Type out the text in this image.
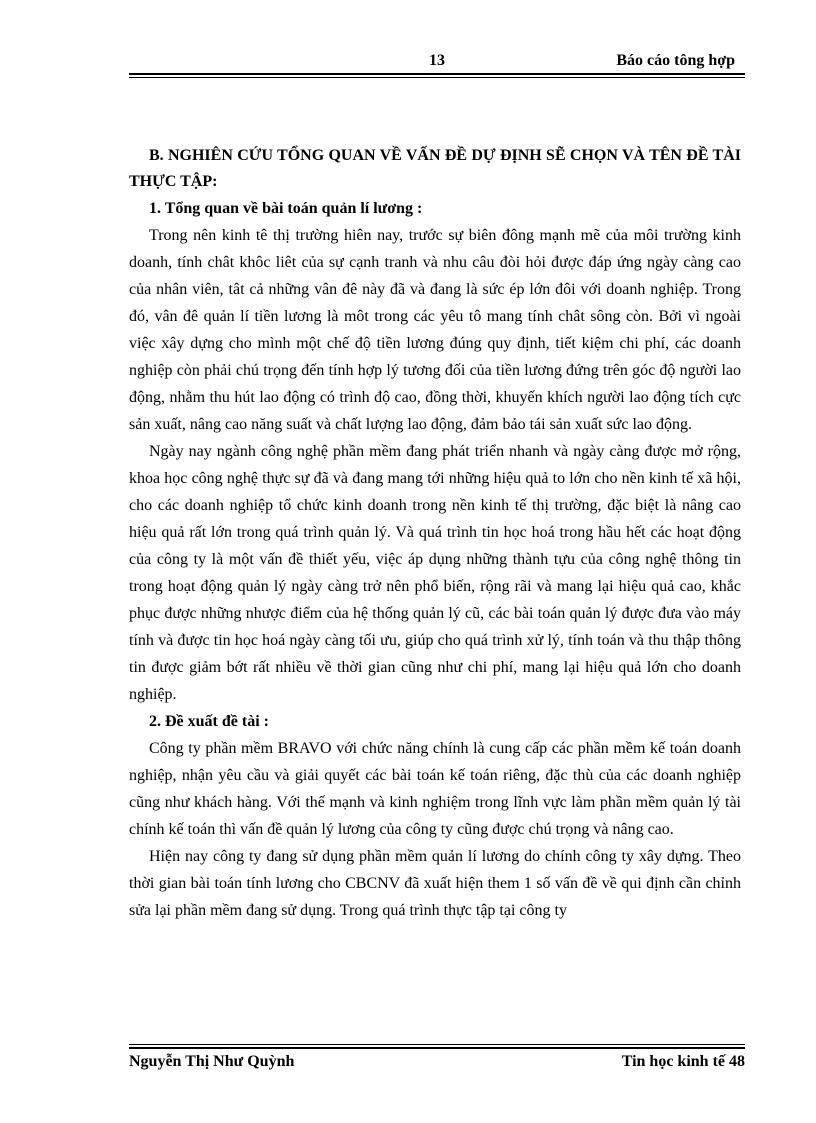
13	Báo cáo tông hợp

B. NGHIÊN CỨU TỔNG QUAN VỀ VẤN ĐỀ DỰ ĐỊNH SẼ CHỌN VÀ TÊN ĐỀ TÀI THỰC TẬP:

1. Tổng quan về bài toán quản lí lương :

Trong nên kinh tê thị trường hiên nay, trước sự biên đông mạnh mẽ của môi trường kinh doanh, tính chât khôc liêt của sự cạnh tranh và nhu câu đòi hỏi được đáp ứng ngày càng cao của nhân viên, tât cả những vân đê này đã và đang là sức ép lớn đôi với doanh nghiệp. Trong đó, vân đê quản lí tiền lương là môt trong các yêu tô mang tính chât sông còn. Bởi vì ngoài việc xây dựng cho mình một chế độ tiền lương đúng quy định, tiết kiệm chi phí, các doanh nghiệp còn phải chú trọng đến tính hợp lý tương đối của tiền lương đứng trên góc độ người lao động, nhằm thu hút lao động có trình độ cao, đồng thời, khuyến khích người lao động tích cực sản xuất, nâng cao năng suất và chất lượng lao động, đảm bảo tái sản xuất sức lao động.

Ngày nay ngành công nghệ phần mềm đang phát triển nhanh và ngày càng được mở rộng, khoa học công nghệ thực sự đã và đang mang tới những hiệu quả to lớn cho nền kinh tế xã hội, cho các doanh nghiệp tổ chức kinh doanh trong nền kinh tế thị trường, đặc biệt là nâng cao hiệu quả rất lớn trong quá trình quản lý. Và quá trình tin học hoá trong hầu hết các hoạt động của công ty là một vấn đề thiết yếu, việc áp dụng những thành tựu của công nghệ thông tin trong hoạt động quản lý ngày càng trở nên phổ biến, rộng rãi và mang lại hiệu quả cao, khắc phục được những nhược điểm của hệ thống quản lý cũ, các bài toán quản lý được đưa vào máy tính và được tin học hoá ngày càng tối ưu, giúp cho quá trình xử lý, tính toán và thu thập thông tin được giảm bớt rất nhiều về thời gian cũng như chi phí, mang lại hiệu quả lớn cho doanh nghiệp.

2. Đề xuất đề tài :

Công ty phần mềm BRAVO với chức năng chính là cung cấp các phần mềm kế toán doanh nghiệp, nhận yêu cầu và giải quyết các bài toán kế toán riêng, đặc thù của các doanh nghiệp cũng như khách hàng. Với thế mạnh và kinh nghiệm trong lĩnh vực làm phần mềm quản lý tài chính kế toán thì vấn đề quản lý lương của công ty cũng được chú trọng và nâng cao.

Hiện nay công ty đang sử dụng phần mềm quản lí lương do chính công ty xây dựng. Theo thời gian bài toán tính lương cho CBCNV đã xuất hiện them 1 số vấn đề về qui định cần chỉnh sửa lại phần mềm đang sử dụng. Trong quá trình thực tập tại công ty

Nguyễn Thị Như Quỳnh	Tin học kinh tế 48
